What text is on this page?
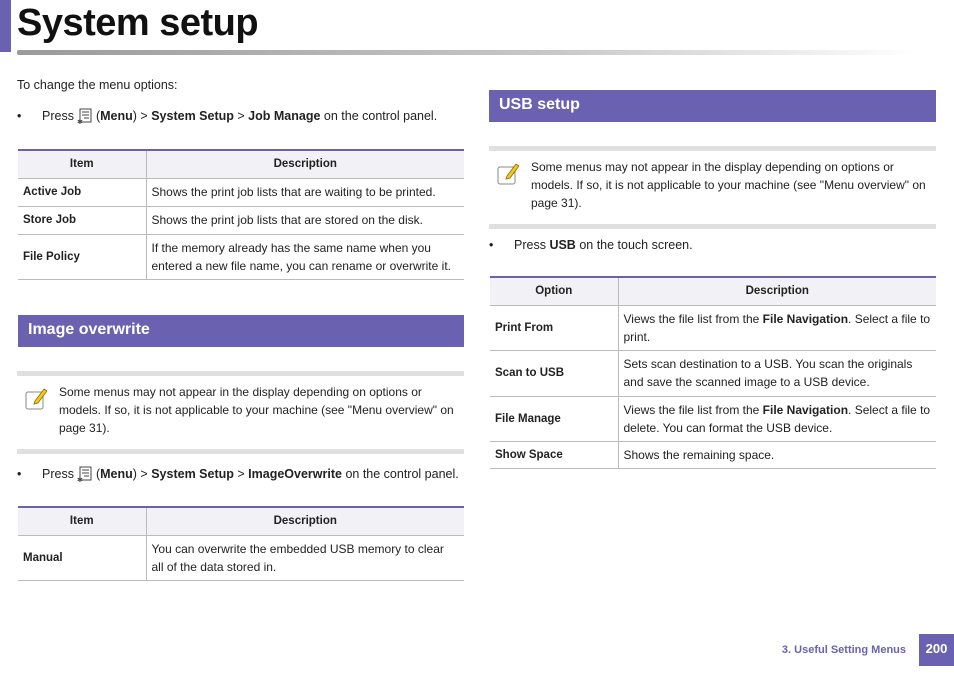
System setup
To change the menu options:
•	Press ✱ ( Menu )
>
System Setup
>
Job Manage
on the control panel.
Item	Description
Active Job	Shows the print job lists that are waiting to be printed.
Store Job	Shows the print job lists that are stored on the disk.
File Policy	If the memory already has the same name when you entered a new file name, you can rename or overwrite it.
Image overwrite
Some menus may not appear in the display depending on options or models. If so, it is not applicable to your machine (see "Menu overview" on page 31).
•	Press ✱ ( Menu )
>
System Setup
>
ImageOverwrite
on the control panel.
Item	Description
Manual	You can overwrite the embedded USB memory to clear all of the data stored in.
USB setup
Some menus may not appear in the display depending on options or models. If so, it is not applicable to your machine (see "Menu overview" on page 31).
•	Press
USB
on the touch screen.
Option	Description
Print From	Views the file list from the File Navigation. Select a file to print.
Scan to USB	Sets scan destination to a USB. You scan the originals and save the scanned image to a USB device.
File Manage	Views the file list from the File Navigation. Select a file to delete. You can format the USB device.
Show Space	Shows the remaining space.
3. Useful Setting Menus	200
